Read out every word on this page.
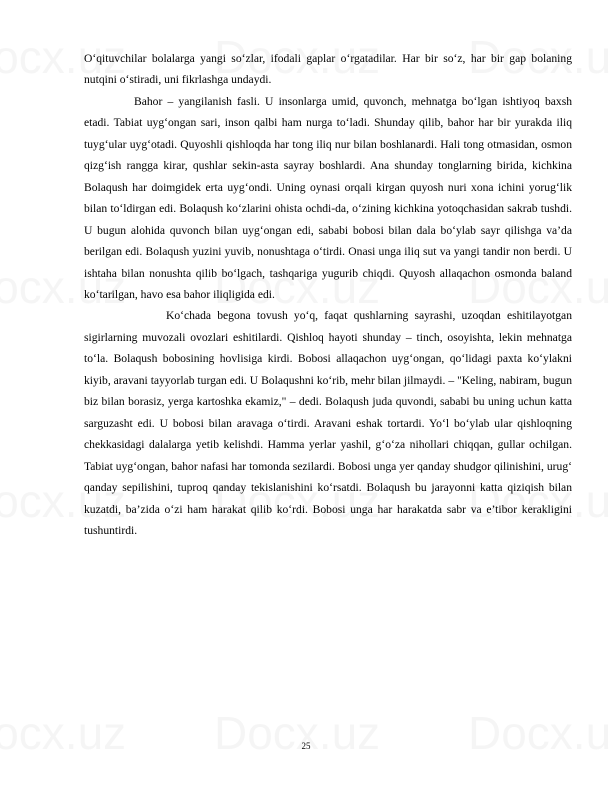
O‘qituvchilar bolalarga yangi so‘zlar, ifodali gaplar o‘rgatadilar. Har bir so‘z, har bir gap bolaning nutqini o‘stiradi, uni fikrlashga undaydi.

Bahor – yangilanish fasli. U insonlarga umid, quvonch, mehnatga bo‘lgan ishtiyoq baxsh etadi. Tabiat uyg‘ongan sari, inson qalbi ham nurga to‘ladi. Shunday qilib, bahor har bir yurakda iliq tuyg‘ular uyg‘otadi. Quyoshli qishloqda har tong iliq nur bilan boshlanardi. Hali tong otmasidan, osmon qizg‘ish rangga kirar, qushlar sekin-asta sayray boshlardi. Ana shunday tonglarning birida, kichkina Bolaqush har doimgidek erta uyg‘ondi. Uning oynasi orqali kirgan quyosh nuri xona ichini yorug‘lik bilan to‘ldirgan edi. Bolaqush ko‘zlarini ohista ochdi-da, o‘zining kichkina yotoqchasidan sakrab tushdi. U bugun alohida quvonch bilan uyg‘ongan edi, sababi bobosi bilan dala bo‘ylab sayr qilishga va’da berilgan edi. Bolaqush yuzini yuvib, nonushtaga o‘tirdi. Onasi unga iliq sut va yangi tandir non berdi. U ishtaha bilan nonushta qilib bo‘lgach, tashqariga yugurib chiqdi. Quyosh allaqachon osmonda baland ko‘tarilgan, havo esa bahor iliqligida edi.

Ko‘chada begona tovush yo‘q, faqat qushlarning sayrashi, uzoqdan eshitilayotgan sigirlarning muvozali ovozlari eshitilardi. Qishloq hayoti shunday – tinch, osoyishta, lekin mehnatga to‘la. Bolaqush bobosining hovlisiga kirdi. Bobosi allaqachon uyg‘ongan, qo‘lidagi paxta ko‘ylakni kiyib, aravani tayyorlab turgan edi. U Bolaqushni ko‘rib, mehr bilan jilmaydi. – "Keling, nabiram, bugun biz bilan borasiz, yerga kartoshka ekamiz," – dedi. Bolaqush juda quvondi, sababi bu uning uchun katta sarguzasht edi. U bobosi bilan aravaga o‘tirdi. Aravani eshak tortardi. Yo‘l bo‘ylab ular qishloqning chekkasidagi dalalarga yetib kelishdi. Hamma yerlar yashil, g‘o‘za nihollari chiqqan, gullar ochilgan. Tabiat uyg‘ongan, bahor nafasi har tomonda sezilardi. Bobosi unga yer qanday shudgor qilinishini, urug‘ qanday sepilishini, tuproq qanday tekislanishini ko‘rsatdi. Bolaqush bu jarayonni katta qiziqish bilan kuzatdi, ba’zida o‘zi ham harakat qilib ko‘rdi. Bobosi unga har harakatda sabr va e’tibor kerakligini tushuntirdi.

25
